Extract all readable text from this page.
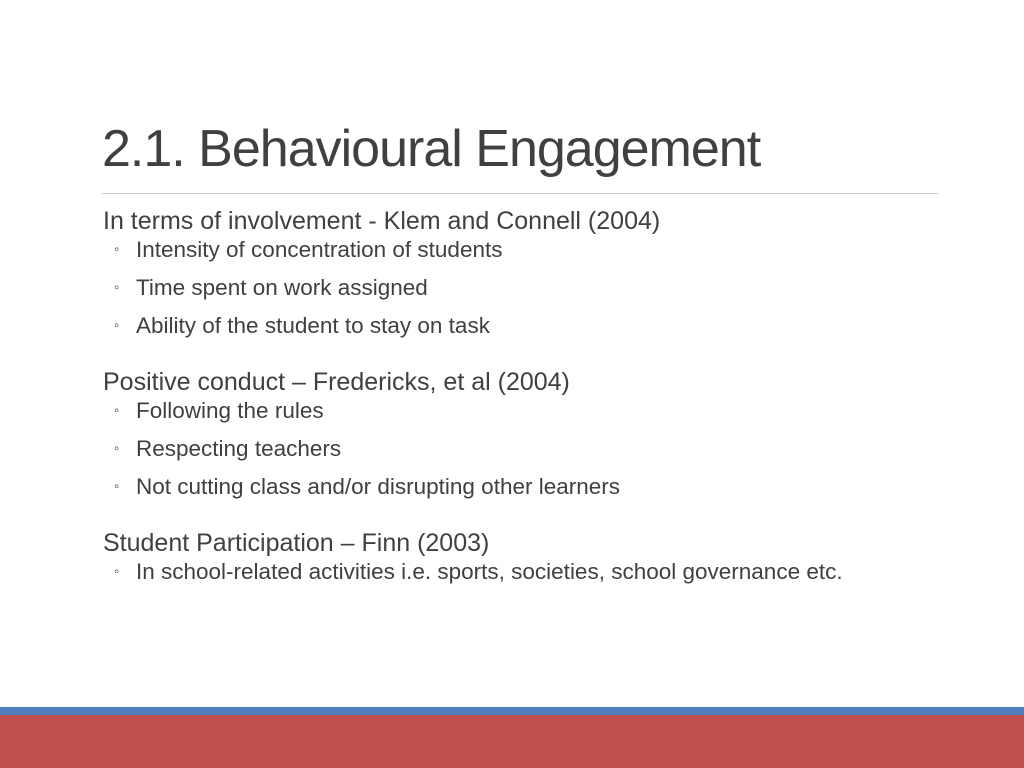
2.1. Behavioural Engagement

In terms of involvement - Klem and Connell (2004)

◦ Intensity of concentration of students
◦ Time spent on work assigned
◦ Ability of the student to stay on task

Positive conduct – Fredericks, et al (2004)

◦ Following the rules
◦ Respecting teachers
◦ Not cutting class and/or disrupting other learners

Student Participation – Finn (2003)

◦ In school-related activities i.e. sports, societies, school governance etc.
